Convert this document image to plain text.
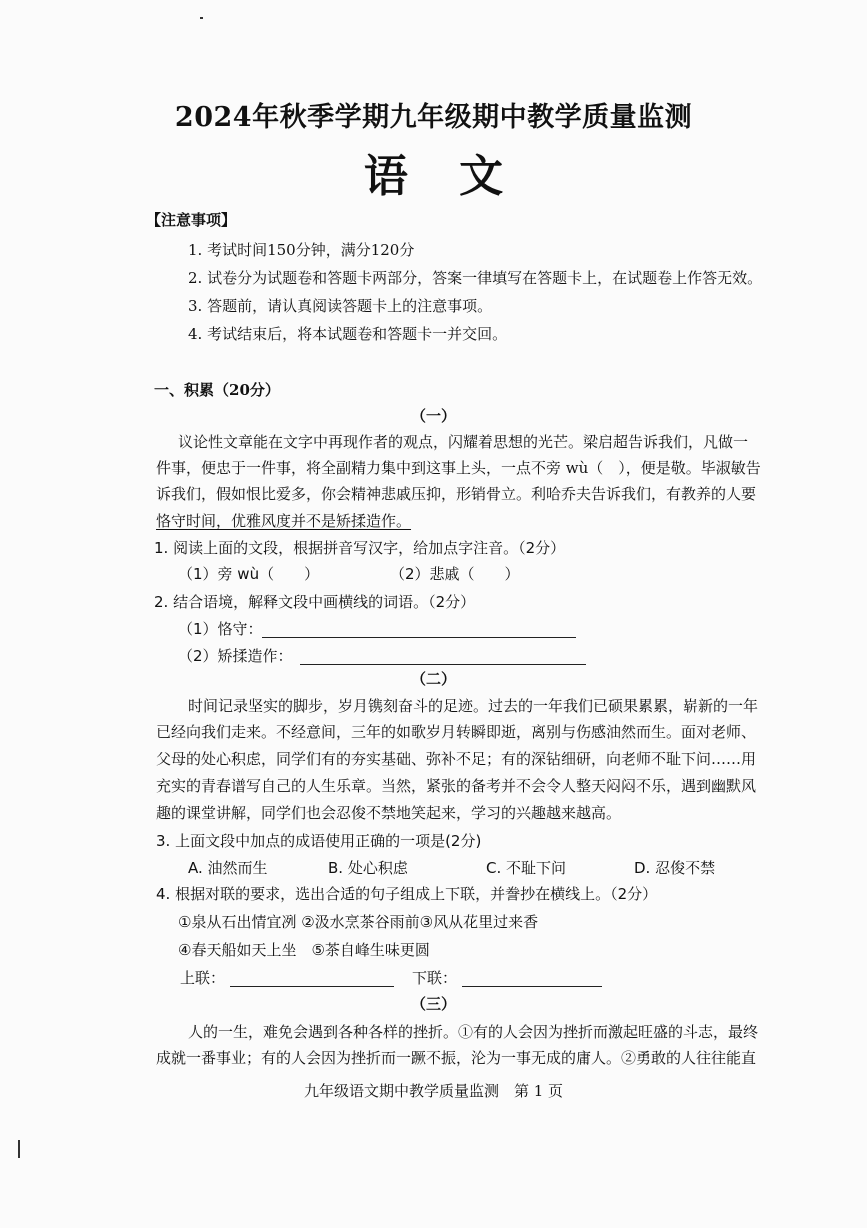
2024年秋季学期九年级期中教学质量监测
语 文
【注意事项】
1. 考试时间150分钟，满分120分
2. 试卷分为试题卷和答题卡两部分，答案一律填写在答题卡上，在试题卷上作答无效。
3. 答题前，请认真阅读答题卡上的注意事项。
4. 考试结束后，将本试题卷和答题卡一并交回。
一、积累（20分）
（一）
议论性文章能在文字中再现作者的观点，闪耀着思想的光芒。梁启超告诉我们，凡做一
件事，便忠于一件事，将全副精力集中到这事上头，一点不旁 wù（　），便是敬。毕淑敏告
诉我们，假如恨比爱多，你会精神悲戚压抑，形销骨立。利哈乔夫告诉我们，有教养的人要
恪守时间，优雅风度并不是矫揉造作。
1. 阅读上面的文段，根据拼音写汉字，给加点字注音。（2分）
（1）旁 wù（　　）	（2）悲戚（　　）
2. 结合语境，解释文段中画横线的词语。（2分）
（1）恪守：
（2）矫揉造作：
（二）
时间记录坚实的脚步，岁月镌刻奋斗的足迹。过去的一年我们已硕果累累，崭新的一年
已经向我们走来。不经意间，三年的如歌岁月转瞬即逝，离别与伤感油然而生。面对老师、
父母的处心积虑，同学们有的夯实基础、弥补不足；有的深钻细研，向老师不耻下问……用
充实的青春谱写自己的人生乐章。当然，紧张的备考并不会令人整天闷闷不乐，遇到幽默风
趣的课堂讲解，同学们也会忍俊不禁地笑起来，学习的兴趣越来越高。
3. 上面文段中加点的成语使用正确的一项是(2分)
A. 油然而生	B. 处心积虑	C. 不耻下问	D. 忍俊不禁
4. 根据对联的要求，选出合适的句子组成上下联，并誊抄在横线上。（2分）
①泉从石出情宜冽 ②汲水烹茶谷雨前③风从花里过来香
④春天船如天上坐　⑤茶自峰生味更圆
上联：	下联：
（三）
人的一生，难免会遇到各种各样的挫折。①有的人会因为挫折而激起旺盛的斗志，最终
成就一番事业；有的人会因为挫折而一蹶不振，沦为一事无成的庸人。②勇敢的人往往能直
九年级语文期中教学质量监测　第 1 页
